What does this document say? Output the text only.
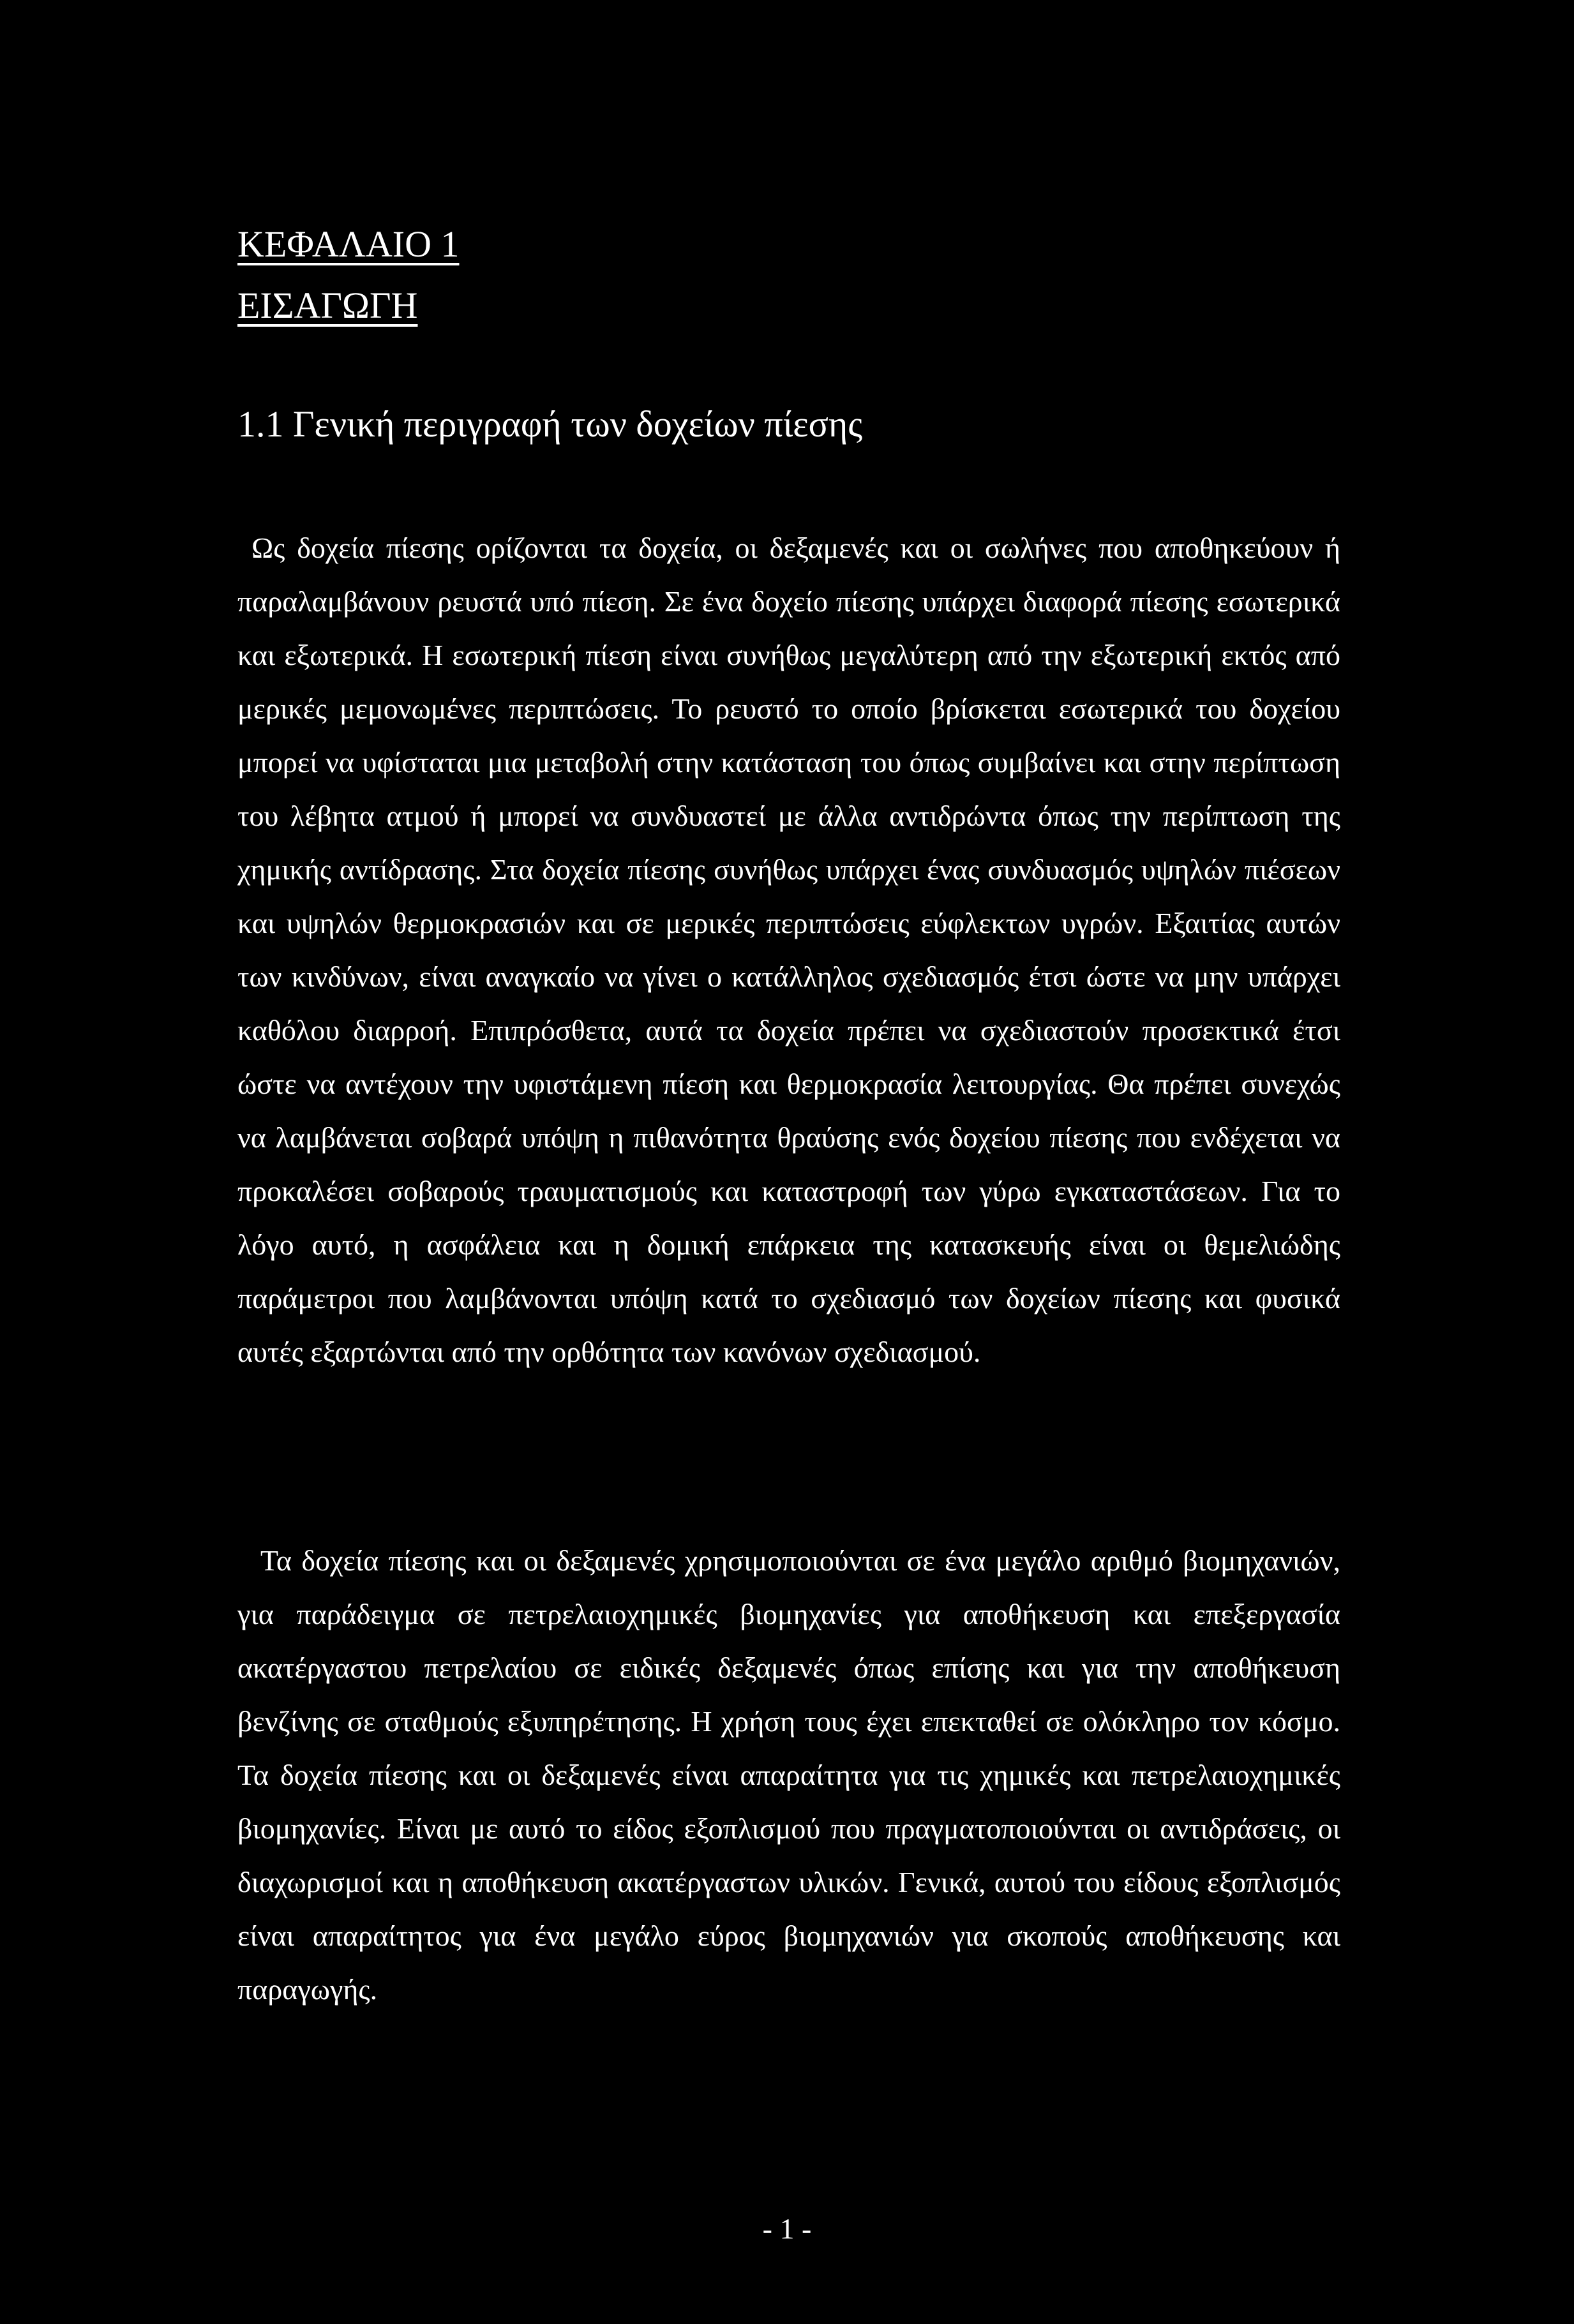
ΚΕΦΑΛΑΙΟ 1
ΕΙΣΑΓΩΓΗ
1.1 Γενική περιγραφή των δοχείων πίεσης

Ως δοχεία πίεσης ορίζονται τα δοχεία, οι δεξαμενές και οι σωλήνες που αποθηκεύουν ή παραλαμβάνουν ρευστά υπό πίεση. Σε ένα δοχείο πίεσης υπάρχει διαφορά πίεσης εσωτερικά και εξωτερικά. Η εσωτερική πίεση είναι συνήθως μεγαλύτερη από την εξωτερική εκτός από μερικές μεμονωμένες περιπτώσεις. Το ρευστό το οποίο βρίσκεται εσωτερικά του δοχείου μπορεί να υφίσταται μια μεταβολή στην κατάσταση του όπως συμβαίνει και στην περίπτωση του λέβητα ατμού ή μπορεί να συνδυαστεί με άλλα αντιδρώντα όπως την περίπτωση της χημικής αντίδρασης. Στα δοχεία πίεσης συνήθως υπάρχει ένας συνδυασμός υψηλών πιέσεων και υψηλών θερμοκρασιών και σε μερικές περιπτώσεις εύφλεκτων υγρών. Εξαιτίας αυτών των κινδύνων, είναι αναγκαίο να γίνει ο κατάλληλος σχεδιασμός έτσι ώστε να μην υπάρχει καθόλου διαρροή. Επιπρόσθετα, αυτά τα δοχεία πρέπει να σχεδιαστούν προσεκτικά έτσι ώστε να αντέχουν την υφιστάμενη πίεση και θερμοκρασία λειτουργίας. Θα πρέπει συνεχώς να λαμβάνεται σοβαρά υπόψη η πιθανότητα θραύσης ενός δοχείου πίεσης που ενδέχεται να προκαλέσει σοβαρούς τραυματισμούς και καταστροφή των γύρω εγκαταστάσεων. Για το λόγο αυτό, η ασφάλεια και η δομική επάρκεια της κατασκευής είναι οι θεμελιώδης παράμετροι που λαμβάνονται υπόψη κατά το σχεδιασμό των δοχείων πίεσης και φυσικά αυτές εξαρτώνται από την ορθότητα των κανόνων σχεδιασμού.

Τα δοχεία πίεσης και οι δεξαμενές χρησιμοποιούνται σε ένα μεγάλο αριθμό βιομηχανιών, για παράδειγμα σε πετρελαιοχημικές βιομηχανίες για αποθήκευση και επεξεργασία ακατέργαστου πετρελαίου σε ειδικές δεξαμενές όπως επίσης και για την αποθήκευση βενζίνης σε σταθμούς εξυπηρέτησης. Η χρήση τους έχει επεκταθεί σε ολόκληρο τον κόσμο. Τα δοχεία πίεσης και οι δεξαμενές είναι απαραίτητα για τις χημικές και πετρελαιοχημικές βιομηχανίες. Είναι με αυτό το είδος εξοπλισμού που πραγματοποιούνται οι αντιδράσεις, οι διαχωρισμοί και η αποθήκευση ακατέργαστων υλικών. Γενικά, αυτού του είδους εξοπλισμός είναι απαραίτητος για ένα μεγάλο εύρος βιομηχανιών για σκοπούς αποθήκευσης και παραγωγής.

- 1 -
